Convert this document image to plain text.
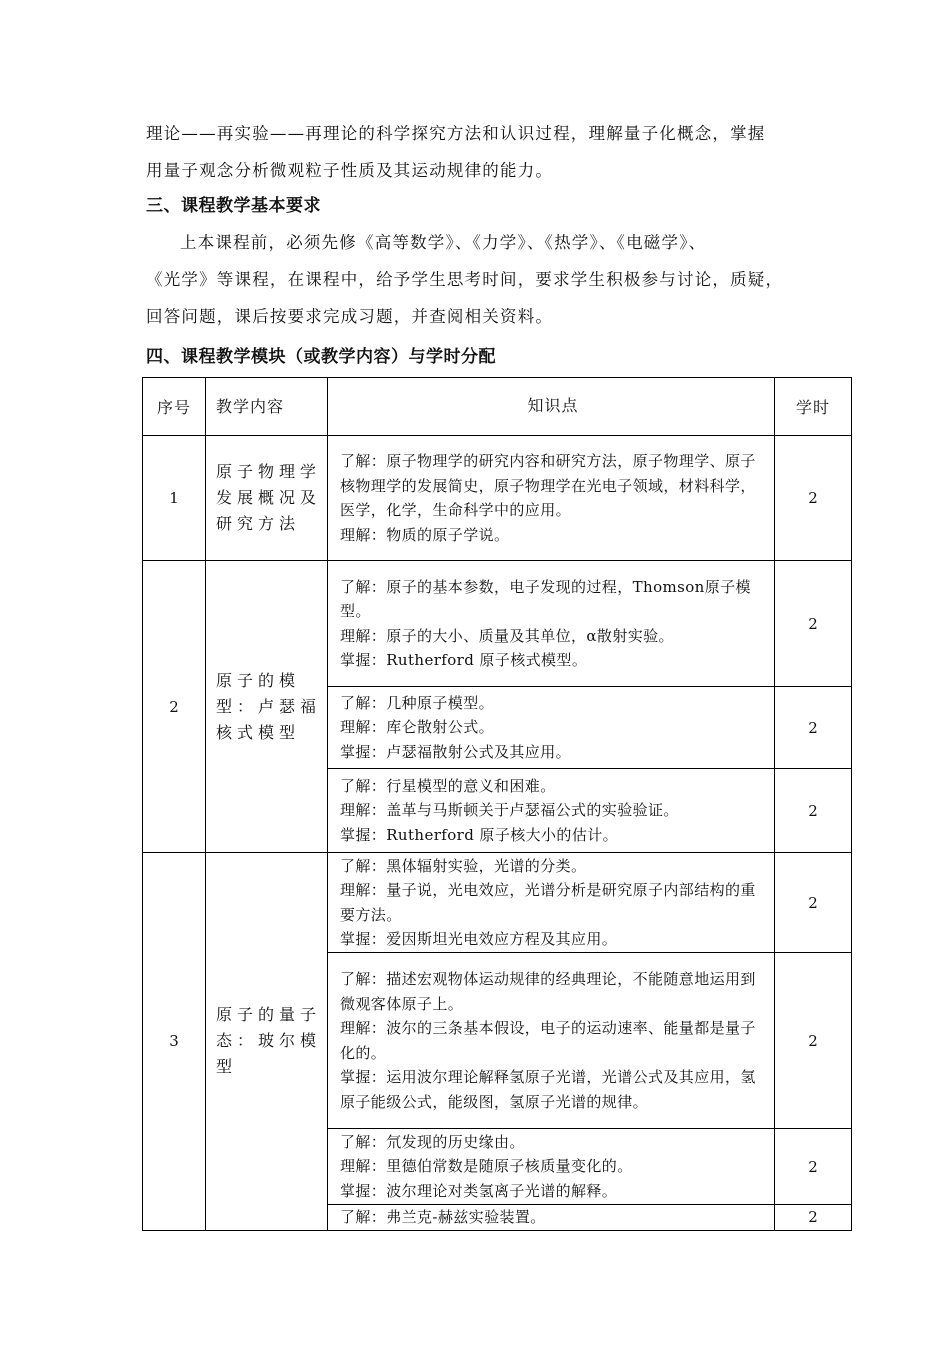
理论——再实验——再理论的科学探究方法和认识过程，理解量子化概念，掌握

用量子观念分析微观粒子性质及其运动规律的能力。

三、课程教学基本要求

上本课程前，必须先修《高等数学》、《力学》、《热学》、《电磁学》、

《光学》等课程，在课程中，给予学生思考时间，要求学生积极参与讨论，质疑，

回答问题，课后按要求完成习题，并查阅相关资料。

四、课程教学模块（或教学内容）与学时分配
序号	教学内容	知识点	学时
1	原子物理学发展概况及研究方法	了解：原子物理学的研究内容和研究方法，原子物理学、原子核物理学的发展简史，原子物理学在光电子领域，材料科学，医学，化学，生命科学中的应用。
理解：物质的原子学说。	2
2	原子的模型：卢瑟福核式模型	了解：原子的基本参数，电子发现的过程，Thomson原子模型。
理解：原子的大小、质量及其单位，α散射实验。
掌握：Rutherford 原子核式模型。	2
		了解：几种原子模型。
理解：库仑散射公式。
掌握：卢瑟福散射公式及其应用。	2
		了解：行星模型的意义和困难。
理解：盖革与马斯顿关于卢瑟福公式的实验验证。
掌握：Rutherford 原子核大小的估计。	2
3	原子的量子态：玻尔模型	了解：黑体辐射实验，光谱的分类。
理解：量子说，光电效应，光谱分析是研究原子内部结构的重要方法。
掌握：爱因斯坦光电效应方程及其应用。	2
		了解：描述宏观物体运动规律的经典理论，不能随意地运用到微观客体原子上。
理解：波尔的三条基本假设，电子的运动速率、能量都是量子化的。
掌握：运用波尔理论解释氢原子光谱，光谱公式及其应用，氢原子能级公式，能级图，氢原子光谱的规律。	2
		了解：氘发现的历史缘由。
理解：里德伯常数是随原子核质量变化的。
掌握：波尔理论对类氢离子光谱的解释。	2
		了解：弗兰克-赫兹实验装置。	2
